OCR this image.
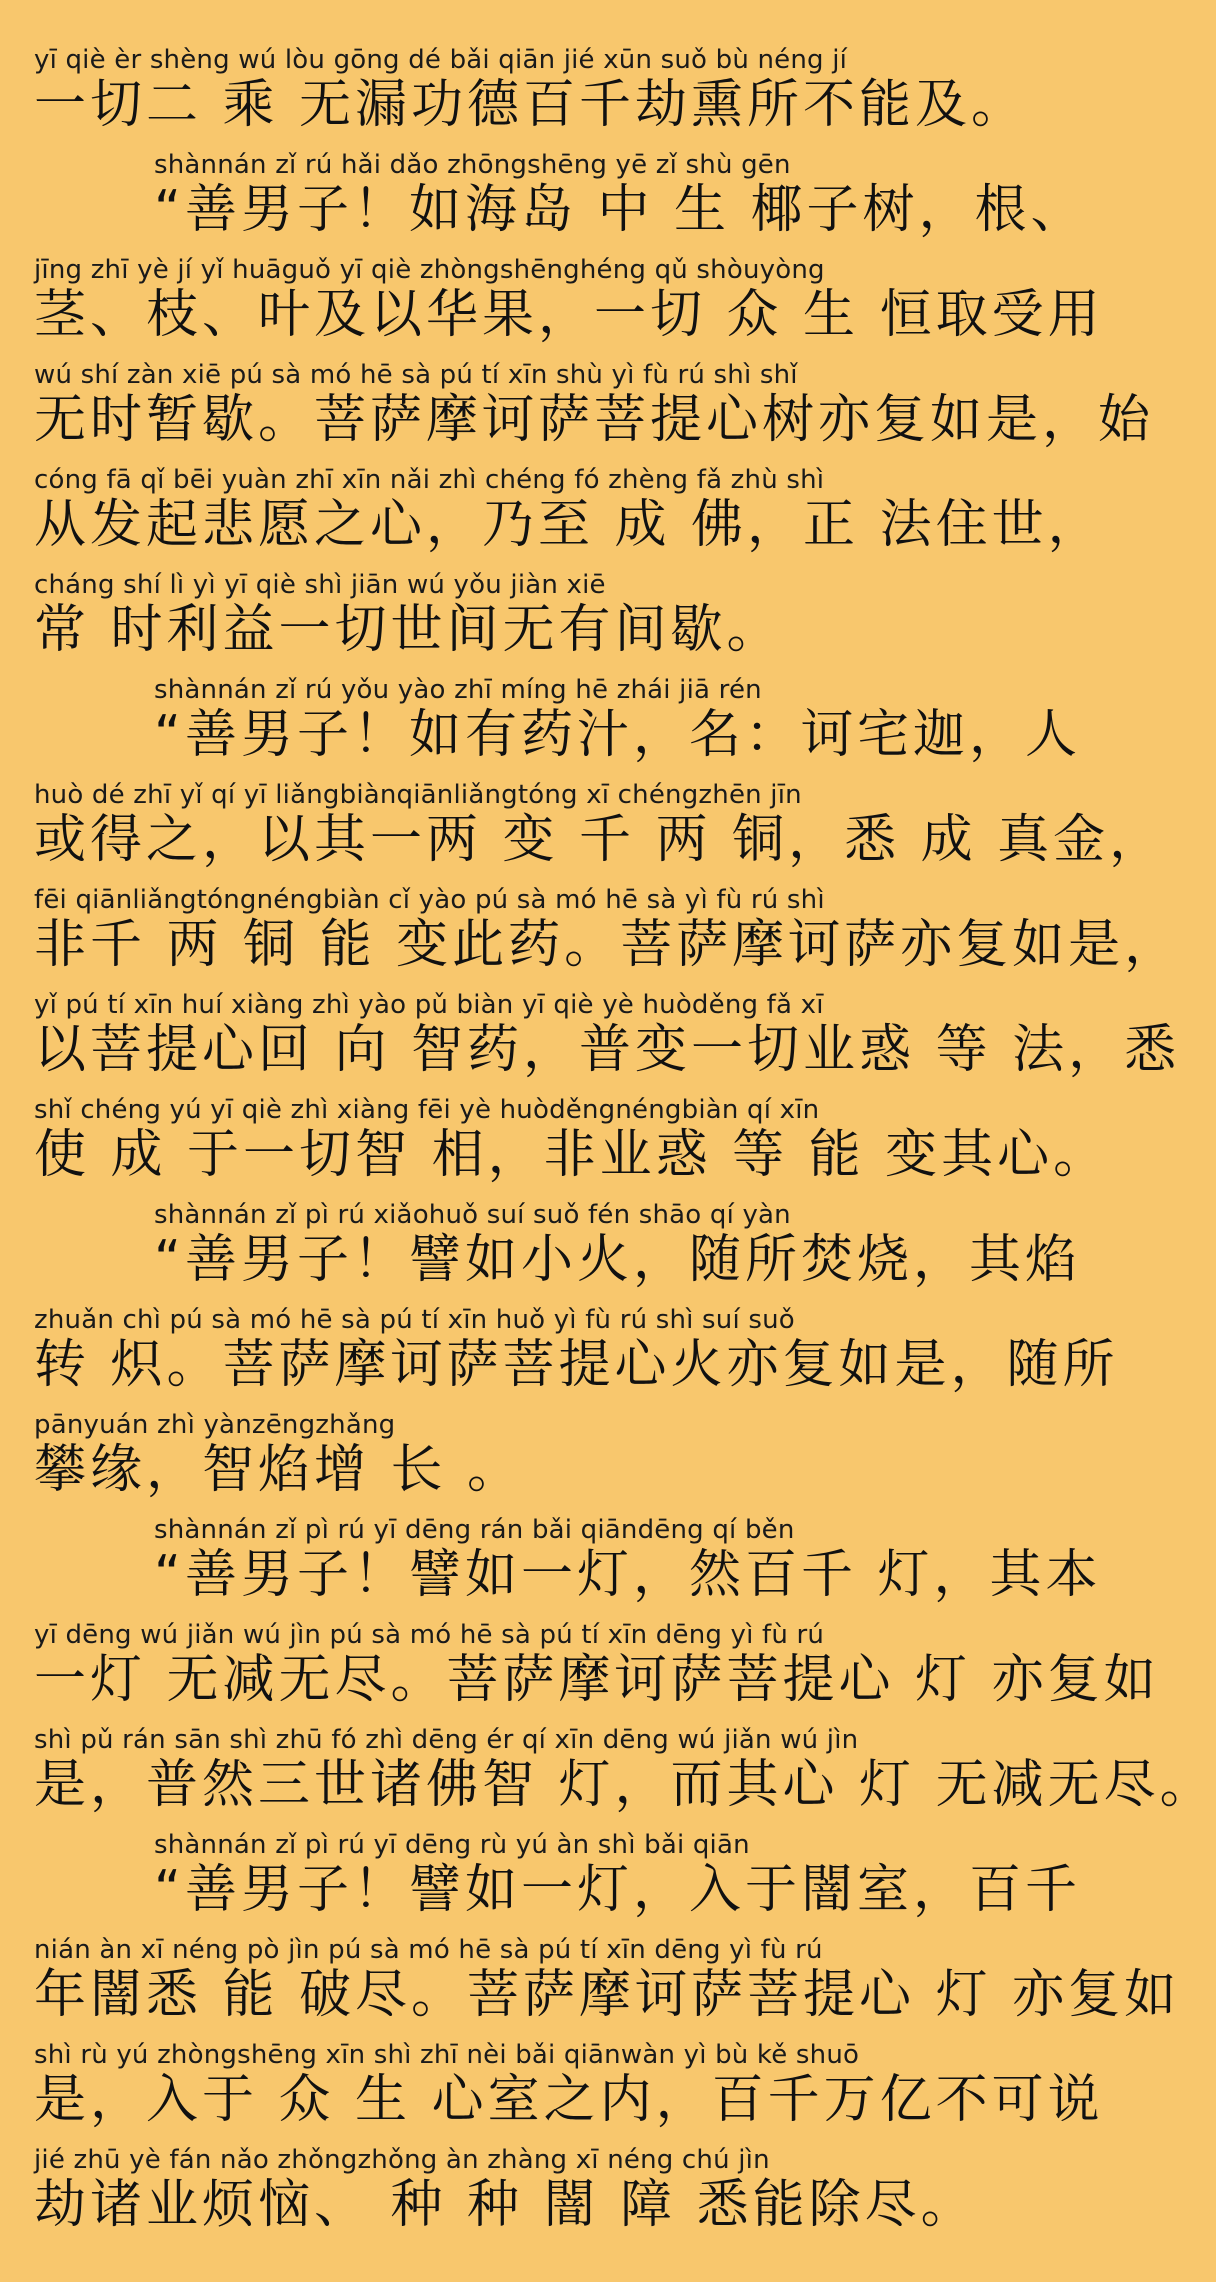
yī qiè èr shèng wú lòu gōng dé bǎi qiān jié xūn suǒ bù néng jí
一切二 乘 无漏功德百千劫熏所不能及。
shànnán zǐ rú hǎi dǎo zhōngshēng yē zǐ shù gēn
“善男子！如海岛 中 生 椰子树，根、
jīng zhī yè jí yǐ huāguǒ yī qiè zhòngshēnghéng qǔ shòuyòng
茎、枝、叶及以华果，一切 众 生 恒取受用
wú shí zàn xiē pú sà mó hē sà pú tí xīn shù yì fù rú shì shǐ
无时暂歇。菩萨摩诃萨菩提心树亦复如是，始
cóng fā qǐ bēi yuàn zhī xīn nǎi zhì chéng fó zhèng fǎ zhù shì
从发起悲愿之心，乃至 成 佛，正 法住世，
cháng shí lì yì yī qiè shì jiān wú yǒu jiàn xiē
常 时利益一切世间无有间歇。
shànnán zǐ rú yǒu yào zhī míng hē zhái jiā rén
“善男子！如有药汁，名：诃宅迦，人
huò dé zhī yǐ qí yī liǎngbiànqiānliǎngtóng xī chéngzhēn jīn
或得之，以其一两 变 千 两 铜，悉 成 真金，
fēi qiānliǎngtóngnéngbiàn cǐ yào pú sà mó hē sà yì fù rú shì
非千 两 铜 能 变此药。菩萨摩诃萨亦复如是，
yǐ pú tí xīn huí xiàng zhì yào pǔ biàn yī qiè yè huòděng fǎ xī
以菩提心回 向 智药，普变一切业惑 等 法，悉
shǐ chéng yú yī qiè zhì xiàng fēi yè huòděngnéngbiàn qí xīn
使 成 于一切智 相，非业惑 等 能 变其心。
shànnán zǐ pì rú xiǎohuǒ suí suǒ fén shāo qí yàn
“善男子！譬如小火，随所焚烧，其焰
zhuǎn chì pú sà mó hē sà pú tí xīn huǒ yì fù rú shì suí suǒ
转 炽。菩萨摩诃萨菩提心火亦复如是，随所
pānyuán zhì yànzēngzhǎng
攀缘，智焰增 长 。
shànnán zǐ pì rú yī dēng rán bǎi qiāndēng qí běn
“善男子！譬如一灯，然百千 灯，其本
yī dēng wú jiǎn wú jìn pú sà mó hē sà pú tí xīn dēng yì fù rú
一灯 无减无尽。菩萨摩诃萨菩提心 灯 亦复如
shì pǔ rán sān shì zhū fó zhì dēng ér qí xīn dēng wú jiǎn wú jìn
是，普然三世诸佛智 灯，而其心 灯 无减无尽。
shànnán zǐ pì rú yī dēng rù yú àn shì bǎi qiān
“善男子！譬如一灯，入于闇室，百千
nián àn xī néng pò jìn pú sà mó hē sà pú tí xīn dēng yì fù rú
年闇悉 能 破尽。菩萨摩诃萨菩提心 灯 亦复如
shì rù yú zhòngshēng xīn shì zhī nèi bǎi qiānwàn yì bù kě shuō
是，入于 众 生 心室之内，百千万亿不可说
jié zhū yè fán nǎo zhǒngzhǒng àn zhàng xī néng chú jìn
劫诸业烦恼、 种 种 闇 障 悉能除尽。
